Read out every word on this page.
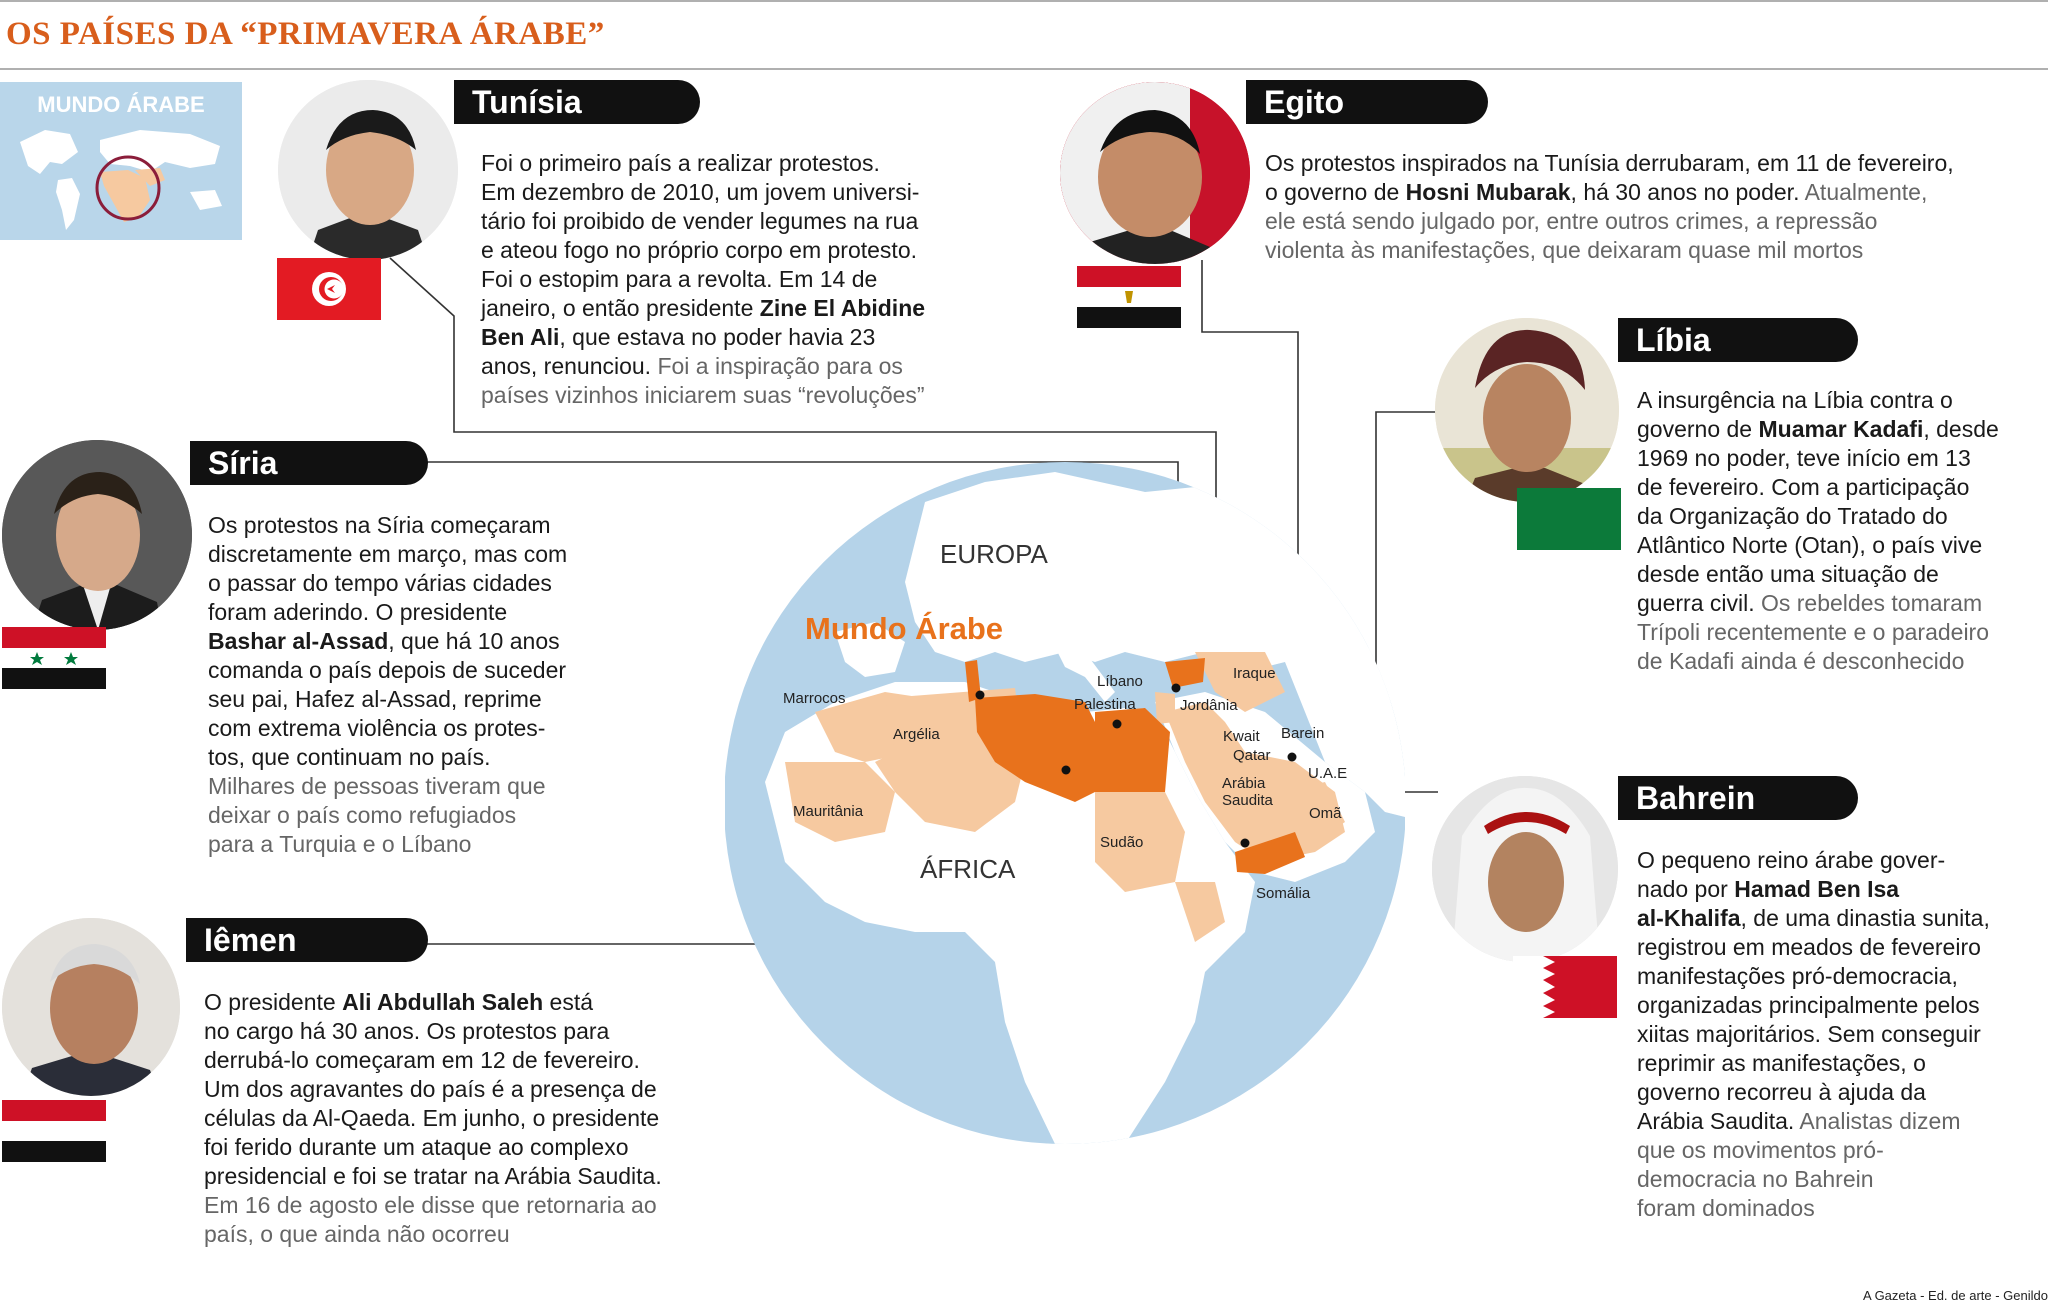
OS PAÍSES DA “PRIMAVERA ÁRABE”
MUNDO ÁRABE
EUROPA
ÁFRICA
Mundo Árabe
Marrocos
Argélia
Mauritânia
Sudão
Somália
Líbano
Palestina	Jordânia
Iraque
Kwait Barein
Qatar
U.A.E
Arábia
Saudita
Omã
Tunísia

Foi o primeiro país a realizar protestos.

Em dezembro de 2010, um jovem universi-

tário foi proibido de vender legumes na rua

e ateou fogo no próprio corpo em protesto.

Foi o estopim para a revolta. Em 14 de

janeiro, o então presidente Zine El Abidine

Ben Ali, que estava no poder havia 23

anos, renunciou. Foi a inspiração para os

países vizinhos iniciarem suas “revoluções”

Egito

Os protestos inspirados na Tunísia derrubaram, em 11 de fevereiro,

o governo de Hosni Mubarak, há 30 anos no poder. Atualmente,

ele está sendo julgado por, entre outros crimes, a repressão

violenta às manifestações, que deixaram quase mil mortos

Síria

Os protestos na Síria começaram

discretamente em março, mas com

o passar do tempo várias cidades

foram aderindo. O presidente

Bashar al-Assad, que há 10 anos

comanda o país depois de suceder

seu pai, Hafez al-Assad, reprime

com extrema violência os protes-

tos, que continuam no país.

Milhares de pessoas tiveram que

deixar o país como refugiados

para a Turquia e o Líbano

Líbia

A insurgência na Líbia contra o

governo de Muamar Kadafi, desde

1969 no poder, teve início em 13

de fevereiro. Com a participação

da Organização do Tratado do

Atlântico Norte (Otan), o país vive

desde então uma situação de

guerra civil. Os rebeldes tomaram

Trípoli recentemente e o paradeiro

de Kadafi ainda é desconhecido

Iêmen

O presidente Ali Abdullah Saleh está

no cargo há 30 anos. Os protestos para

derrubá-lo começaram em 12 de fevereiro.

Um dos agravantes do país é a presença de

células da Al-Qaeda. Em junho, o presidente

foi ferido durante um ataque ao complexo

presidencial e foi se tratar na Arábia Saudita.

Em 16 de agosto ele disse que retornaria ao

país, o que ainda não ocorreu

Bahrein

O pequeno reino árabe gover-

nado por Hamad Ben Isa

al-Khalifa, de uma dinastia sunita,

registrou em meados de fevereiro

manifestações pró-democracia,

organizadas principalmente pelos

xiitas majoritários. Sem conseguir

reprimir as manifestações, o

governo recorreu à ajuda da

Arábia Saudita. Analistas dizem

que os movimentos pró-

democracia no Bahrein

foram dominados

A Gazeta - Ed. de arte - Genildo
